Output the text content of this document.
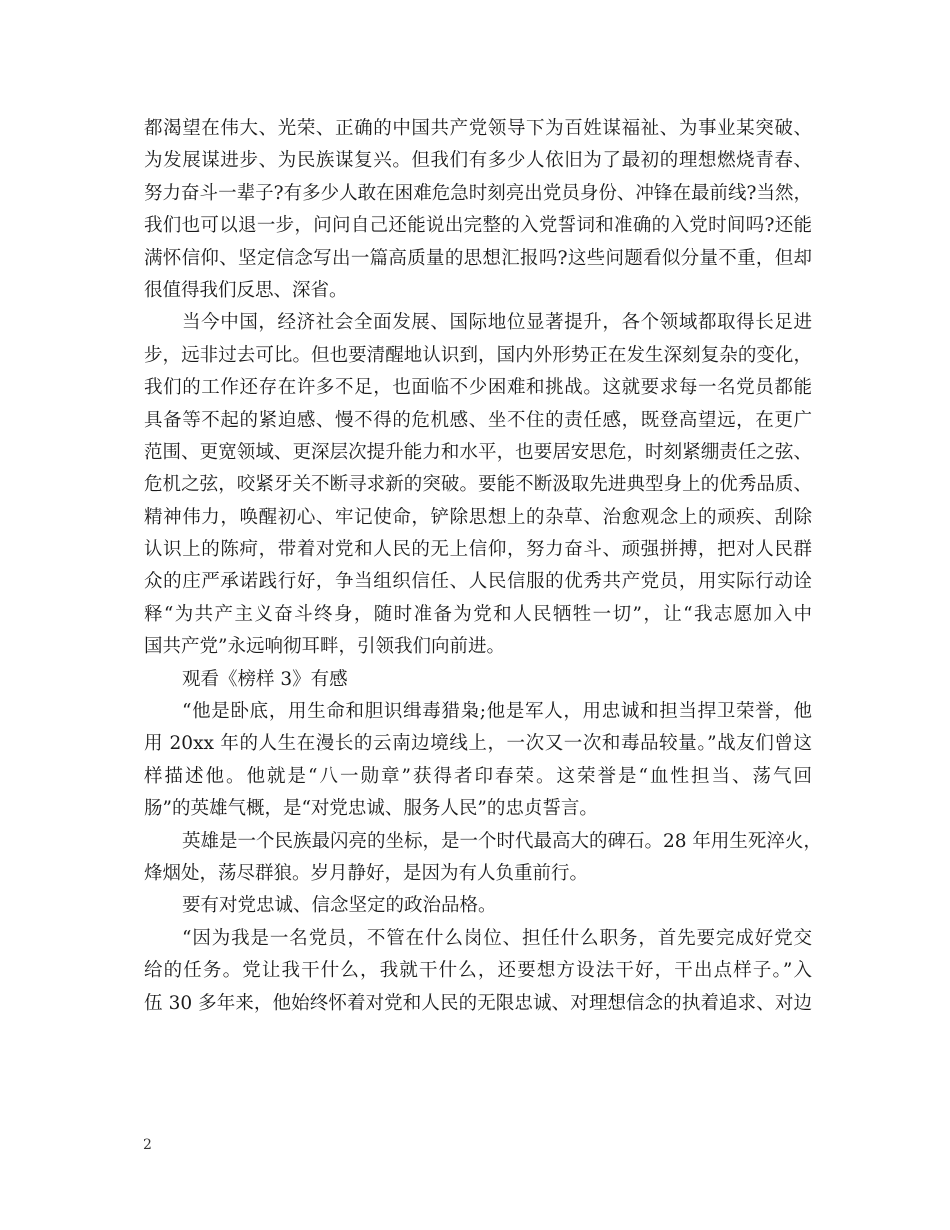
都渴望在伟大、光荣、正确的中国共产党领导下为百姓谋福祉、为事业某突破、
为发展谋进步、为民族谋复兴。但我们有多少人依旧为了最初的理想燃烧青春、
努力奋斗一辈子?有多少人敢在困难危急时刻亮出党员身份、冲锋在最前线?当然，
我们也可以退一步，问问自己还能说出完整的入党誓词和准确的入党时间吗?还能
满怀信仰、坚定信念写出一篇高质量的思想汇报吗?这些问题看似分量不重，但却
很值得我们反思、深省。
当今中国，经济社会全面发展、国际地位显著提升，各个领域都取得长足进
步，远非过去可比。但也要清醒地认识到，国内外形势正在发生深刻复杂的变化，
我们的工作还存在许多不足，也面临不少困难和挑战。这就要求每一名党员都能
具备等不起的紧迫感、慢不得的危机感、坐不住的责任感，既登高望远，在更广
范围、更宽领域、更深层次提升能力和水平，也要居安思危，时刻紧绷责任之弦、
危机之弦，咬紧牙关不断寻求新的突破。要能不断汲取先进典型身上的优秀品质、
精神伟力，唤醒初心、牢记使命，铲除思想上的杂草、治愈观念上的顽疾、刮除
认识上的陈疴，带着对党和人民的无上信仰，努力奋斗、顽强拼搏，把对人民群
众的庄严承诺践行好，争当组织信任、人民信服的优秀共产党员，用实际行动诠
释“为共产主义奋斗终身，随时准备为党和人民牺牲一切”，让“我志愿加入中
国共产党”永远响彻耳畔，引领我们向前进。
观看《榜样 3》有感
“他是卧底，用生命和胆识缉毒猎枭;他是军人，用忠诚和担当捍卫荣誉，他
用 20xx 年的人生在漫长的云南边境线上，一次又一次和毒品较量。”战友们曾这
样描述他。他就是“八一勋章”获得者印春荣。这荣誉是“血性担当、荡气回
肠”的英雄气概，是“对党忠诚、服务人民”的忠贞誓言。
英雄是一个民族最闪亮的坐标，是一个时代最高大的碑石。28 年用生死淬火，
烽烟处，荡尽群狼。岁月静好，是因为有人负重前行。
要有对党忠诚、信念坚定的政治品格。
“因为我是一名党员，不管在什么岗位、担任什么职务，首先要完成好党交
给的任务。党让我干什么，我就干什么，还要想方设法干好，干出点样子。”入
伍 30 多年来，他始终怀着对党和人民的无限忠诚、对理想信念的执着追求、对边
2
